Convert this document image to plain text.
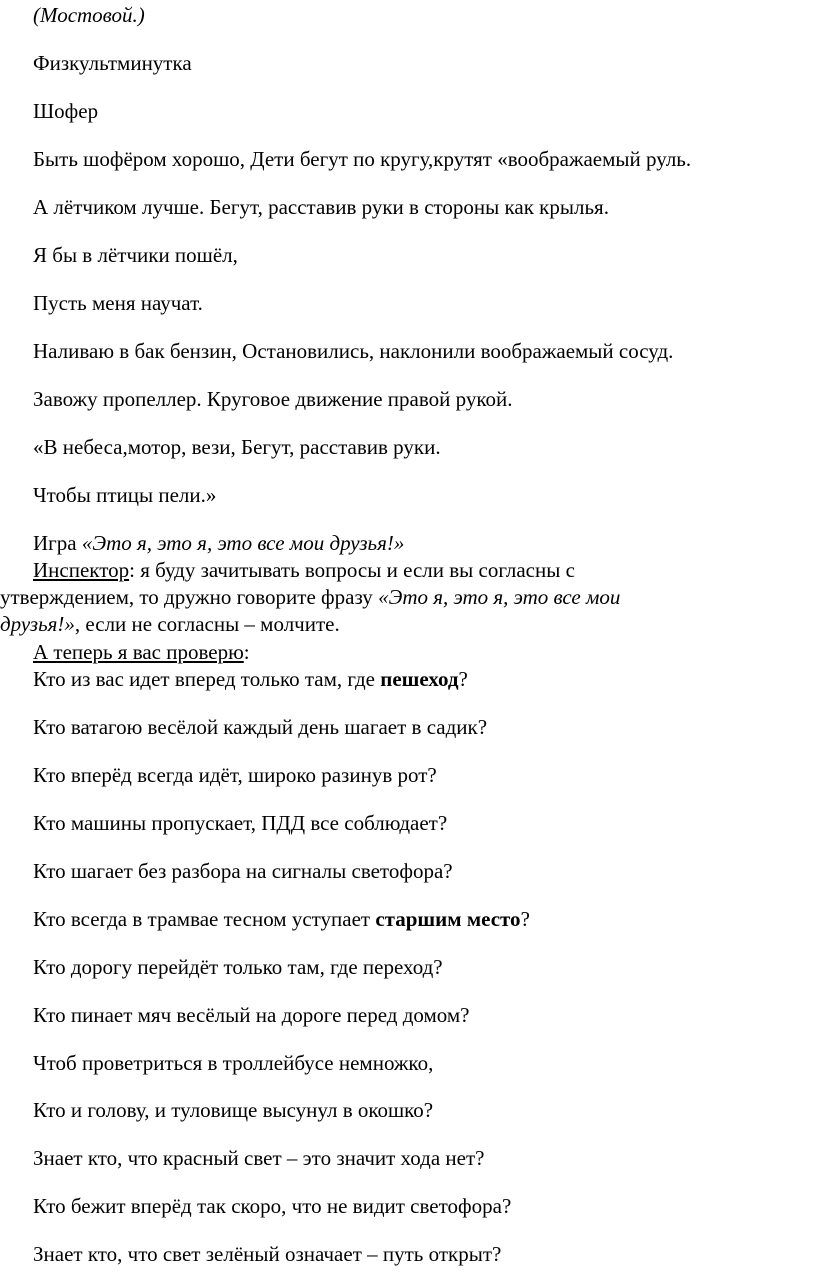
(Мостовой.)

Физкультминутка

Шофер

Быть шофёром хорошо, Дети бегут по кругу,крутят «воображаемый руль.

А лётчиком лучше. Бегут, расставив руки в стороны как крылья.

Я бы в лётчики пошёл,

Пусть меня научат.

Наливаю в бак бензин, Остановились, наклонили воображаемый сосуд.

Завожу пропеллер. Круговое движение правой рукой.

«В небеса,мотор, вези, Бегут, расставив руки.

Чтобы птицы пели.»

Игра «Это я, это я, это все мои друзья!»

Инспектор: я буду зачитывать вопросы и если вы согласны с

утверждением, то дружно говорите фразу «Это я, это я, это все мои

друзья!», если не согласны – молчите.

А теперь я вас проверю:

Кто из вас идет вперед только там, где пешеход?

Кто ватагою весёлой каждый день шагает в садик?

Кто вперёд всегда идёт, широко разинув рот?

Кто машины пропускает, ПДД все соблюдает?

Кто шагает без разбора на сигналы светофора?

Кто всегда в трамвае тесном уступает старшим место?

Кто дорогу перейдёт только там, где переход?

Кто пинает мяч весёлый на дороге перед домом?

Чтоб проветриться в троллейбусе немножко,

Кто и голову, и туловище высунул в окошко?

Знает кто, что красный свет – это значит хода нет?

Кто бежит вперёд так скоро, что не видит светофора?

Знает кто, что свет зелёный означает – путь открыт?
